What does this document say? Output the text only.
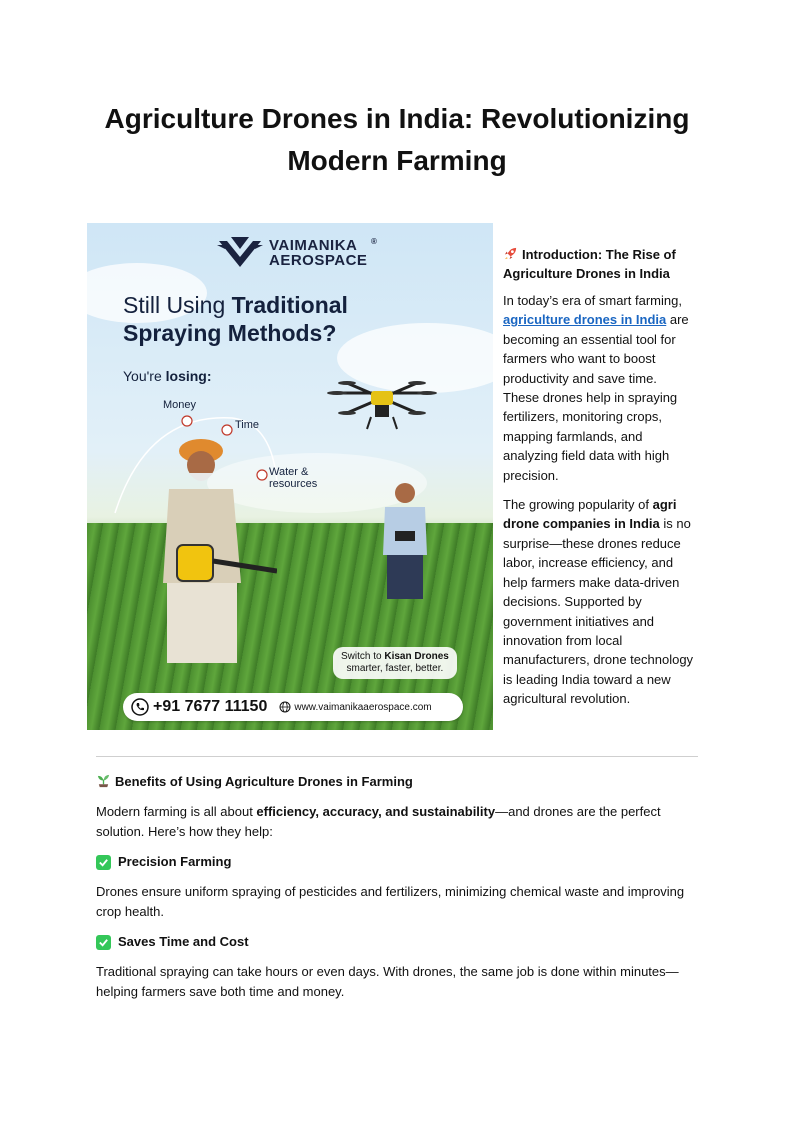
Agriculture Drones in India: Revolutionizing Modern Farming
VAIMANIKA
AEROSPACE
®
Still Using Traditional
Spraying Methods?
You're losing:
Money
Time
Water &
resources
Switch to Kisan Drones
smarter, faster, better.
+91 7677 11150	www.vaimanikaaerospace.com
Introduction: The Rise of Agriculture Drones in India

In today’s era of smart farming, agriculture drones in India are becoming an essential tool for farmers who want to boost productivity and save time. These drones help in spraying fertilizers, monitoring crops, mapping farmlands, and analyzing field data with high precision.

The growing popularity of agri drone companies in India is no surprise—these drones reduce labor, increase efficiency, and help farmers make data-driven decisions. Supported by government initiatives and innovation from local manufacturers, drone technology is leading India toward a new agricultural revolution.

Benefits of Using Agriculture Drones in Farming

Modern farming is all about efficiency, accuracy, and sustainability—and drones are the perfect solution. Here’s how they help:

Precision Farming

Drones ensure uniform spraying of pesticides and fertilizers, minimizing chemical waste and improving crop health.

Saves Time and Cost

Traditional spraying can take hours or even days. With drones, the same job is done within minutes—helping farmers save both time and money.
